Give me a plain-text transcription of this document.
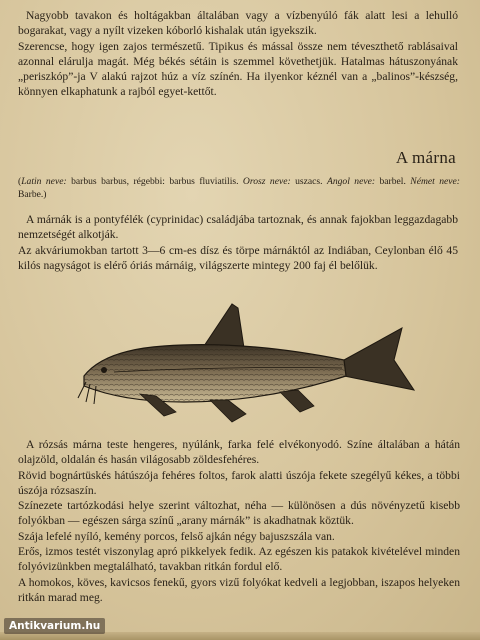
Nagyobb tavakon és holtágakban általában vagy a vízbenyúló fák alatt lesi a lehulló bogarakat, vagy a nyílt vizeken kóborló kishalak után igyekszik.

Szerencse, hogy igen zajos természetű. Tipikus és mással össze nem téveszthető rablásaival azonnal elárulja magát. Még békés sétáin is szemmel követhetjük. Hatalmas hátuszonyának „periszkóp”-ja V alakú rajzot húz a víz színén. Ha ilyenkor kéznél van a „balinos”-készség, könnyen elkaphatunk a rajból egyet-kettőt.

A márna

(Latin neve: barbus barbus, régebbi: barbus fluviatilis. Orosz neve: uszacs. Angol neve: barbel. Német neve: Barbe.)

A márnák is a pontyfélék (cyprinidac) családjába tartoznak, és annak fajokban leggazdagabb nemzetségét alkotják.

Az akváriumokban tartott 3—6 cm-es dísz és törpe márnáktól az Indiában, Ceylonban élő 45 kilós nagyságot is elérő óriás márnáig, világszerte mintegy 200 faj él belőlük.

A rózsás márna teste hengeres, nyúlánk, farka felé elvékonyodó. Színe általában a hátán olajzöld, oldalán és hasán világosabb zöldesfehéres.

Rövid bognártüskés hátúszója fehéres foltos, farok alatti úszója fekete szegélyű kékes, a többi úszója rózsaszín.

Színezete tartózkodási helye szerint változhat, néha — különösen a dús növényzetű kisebb folyókban — egészen sárga színű „arany márnák” is akadhatnak köztük.

Szája lefelé nyíló, kemény porcos, felső ajkán négy bajuszszála van.

Erős, izmos testét viszonylag apró pikkelyek fedik. Az egészen kis patakok kivételével minden folyóvizünkben megtalálható, tavakban ritkán fordul elő.

A homokos, köves, kavicsos fenekű, gyors vizű folyókat kedveli a legjobban, iszapos helyeken ritkán marad meg.

Antikvarium.hu
